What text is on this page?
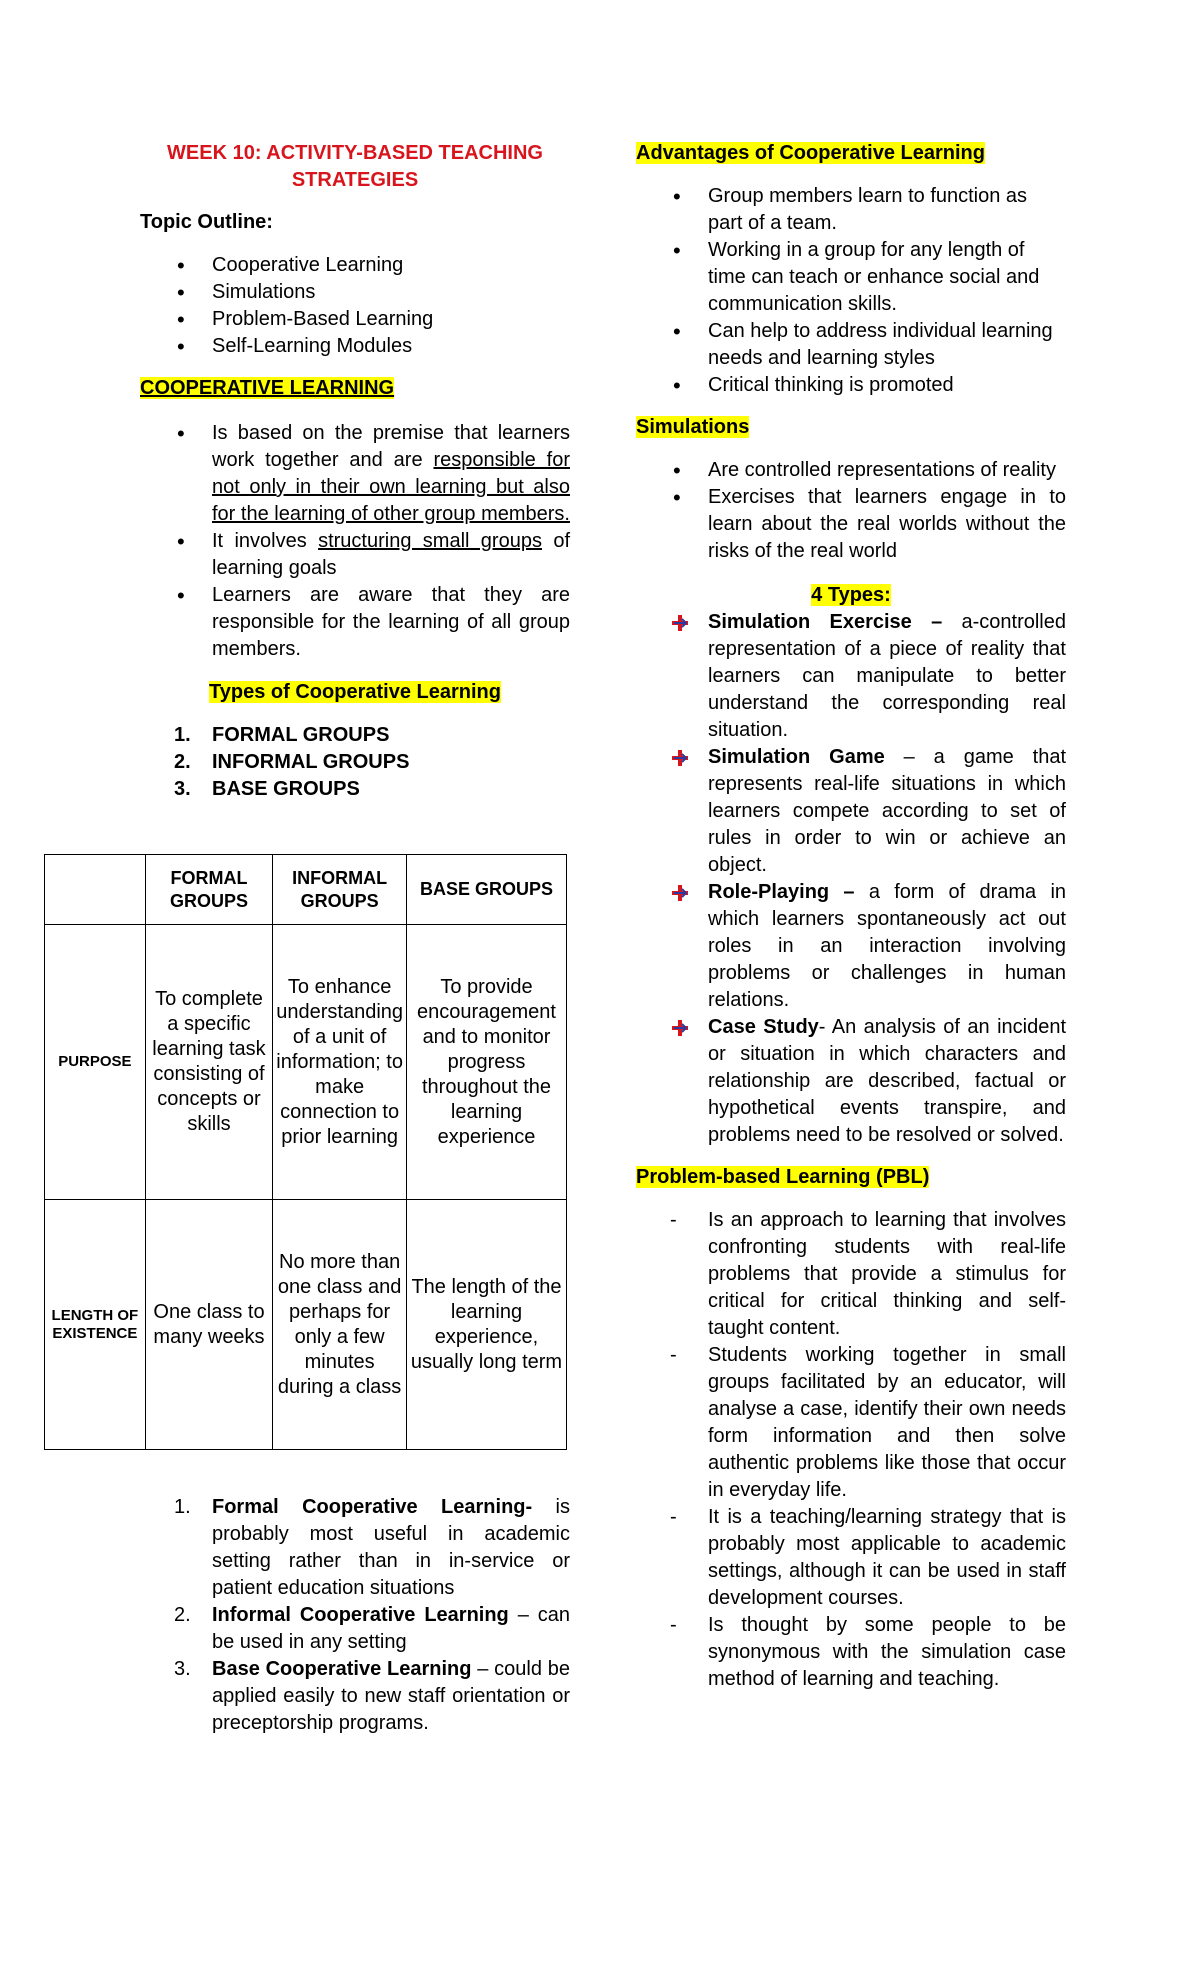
WEEK 10: ACTIVITY-BASED TEACHING
STRATEGIES

Topic Outline:

• Cooperative Learning
• Simulations
• Problem-Based Learning
• Self-Learning Modules

COOPERATIVE LEARNING

• Is based on the premise that learners work together and are responsible for not only in their own learning but also for the learning of other group members.
• It involves structuring small groups of learning goals
• Learners are aware that they are responsible for the learning of all group members.

Types of Cooperative Learning

1. FORMAL GROUPS
2. INFORMAL GROUPS
3. BASE GROUPS
	FORMAL GROUPS	INFORMAL GROUPS	BASE GROUPS
PURPOSE	To complete a specific learning task consisting of concepts or skills	To enhance understanding of a unit of information; to make connection to prior learning	To provide encouragement and to monitor progress throughout the learning experience
LENGTH OF EXISTENCE	One class to many weeks	No more than one class and perhaps for only a few minutes during a class	The length of the learning experience, usually long term
1. Formal Cooperative Learning- is probably most useful in academic setting rather than in in-service or patient education situations
2. Informal Cooperative Learning – can be used in any setting
3. Base Cooperative Learning – could be applied easily to new staff orientation or preceptorship programs.

Advantages of Cooperative Learning

• Group members learn to function as part of a team.
• Working in a group for any length of time can teach or enhance social and communication skills.
• Can help to address individual learning needs and learning styles
• Critical thinking is promoted

Simulations

• Are controlled representations of reality
• Exercises that learners engage in to learn about the real worlds without the risks of the real world

4 Types:

Simulation Exercise – a-controlled representation of a piece of reality that learners can manipulate to better understand the corresponding real situation.
Simulation Game – a game that represents real-life situations in which learners compete according to set of rules in order to win or achieve an object.
Role-Playing – a form of drama in which learners spontaneously act out roles in an interaction involving problems or challenges in human relations.
Case Study- An analysis of an incident or situation in which characters and relationship are described, factual or hypothetical events transpire, and problems need to be resolved or solved.

Problem-based Learning (PBL)

- Is an approach to learning that involves confronting students with real-life problems that provide a stimulus for critical for critical thinking and self-taught content.
- Students working together in small groups facilitated by an educator, will analyse a case, identify their own needs form information and then solve authentic problems like those that occur in everyday life.
- It is a teaching/learning strategy that is probably most applicable to academic settings, although it can be used in staff development courses.
- Is thought by some people to be synonymous with the simulation case method of learning and teaching.
